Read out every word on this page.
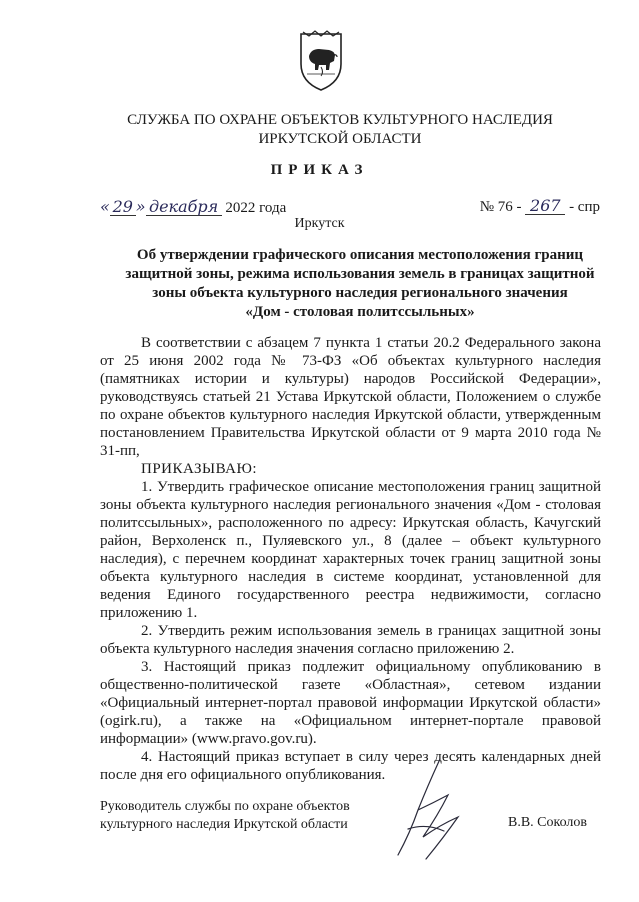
СЛУЖБА ПО ОХРАНЕ ОБЪЕКТОВ КУЛЬТУРНОГО НАСЛЕДИЯ
ИРКУТСКОЙ ОБЛАСТИ
ПРИКАЗ
« 29 » декабря 2022 года	№ 76 - 267 - спр
Иркутск
Об утверждении графического описания местоположения границ
защитной зоны, режима использования земель в границах защитной
зоны объекта культурного наследия регионального значения
«Дом - столовая политссыльных»

В соответствии с абзацем 7 пункта 1 статьи 20.2 Федерального закона от 25 июня 2002 года № 73-ФЗ «Об объектах культурного наследия (памятниках истории и культуры) народов Российской Федерации», руководствуясь статьей 21 Устава Иркутской области, Положением о службе по охране объектов культурного наследия Иркутской области, утвержденным постановлением Правительства Иркутской области от 9 марта 2010 года № 31-пп,

ПРИКАЗЫВАЮ:

1. Утвердить графическое описание местоположения границ защитной зоны объекта культурного наследия регионального значения «Дом - столовая политссыльных», расположенного по адресу: Иркутская область, Качугский район, Верхоленск п., Пуляевского ул., 8 (далее – объект культурного наследия), с перечнем координат характерных точек границ защитной зоны объекта культурного наследия в системе координат, установленной для ведения Единого государственного реестра недвижимости, согласно приложению 1.

2. Утвердить режим использования земель в границах защитной зоны объекта культурного наследия значения согласно приложению 2.

3. Настоящий приказ подлежит официальному опубликованию в общественно-политической газете «Областная», сетевом издании «Официальный интернет-портал правовой информации Иркутской области» (ogirk.ru), а также на «Официальном интернет-портале правовой информации» (www.pravo.gov.ru).

4. Настоящий приказ вступает в силу через десять календарных дней после дня его официального опубликования.

Руководитель службы по охране объектов
культурного наследия Иркутской области	В.В. Соколов
